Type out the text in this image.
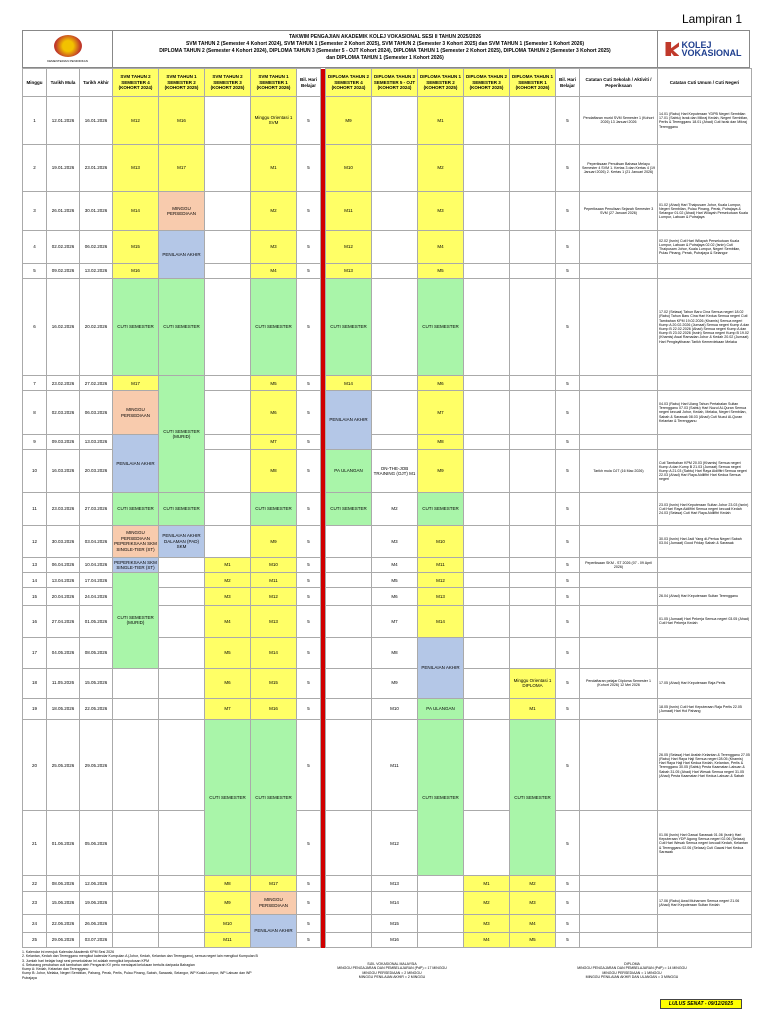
Lampiran 1
KEMENTERIAN PENDIDIKAN
TAKWIM PENGAJIAN AKADEMIK KOLEJ VOKASIONAL SESI II TAHUN 2025/2026
SVM TAHUN 2 (Semester 4 Kohort 2024), SVM TAHUN 1 (Semester 2 Kohort 2025), SVM TAHUN 2 (Semester 3 Kohort 2025) dan SVM TAHUN 1 (Semester 1 Kohort 2026)
DIPLOMA TAHUN 2 (Semester 4 Kohort 2024), DIPLOMA TAHUN 3 (Semester 5 - OJT Kohort 2024), DIPLOMA TAHUN 1 (Semester 2 Kohort 2025), DIPLOMA TAHUN 2 (Semester 3 Kohort 2025)
dan DIPLOMA TAHUN 1 (Semester 1 Kohort 2026)
KOLEJ
VOKASIONAL
Minggu	Tarikh Mula	Tarikh Akhir	SVM TAHUN 2 SEMESTER 4 (KOHORT 2024)	SVM TAHUN 1 SEMESTER 2 (KOHORT 2025)	SVM TAHUN 2 SEMESTER 3 (KOHORT 2025)	SVM TAHUN 1 SEMESTER 1 (KOHORT 2026)	Bil. Hari Belajar		DIPLOMA TAHUN 2 SEMESTER 4 (KOHORT 2024)	DIPLOMA TAHUN 3 SEMESTER 5 - OJT (KOHORT 2024)	DIPLOMA TAHUN 1 SEMESTER 2 (KOHORT 2025)	DIPLOMA TAHUN 2 SEMESTER 3 (KOHORT 2025)	DIPLOMA TAHUN 1 SEMESTER 1 (KOHORT 2026)	Bil. Hari Belajar	Catatan Cuti Sekolah / Aktiviti / Peperiksaan	Catatan Cuti Umum / Cuti Negeri
1	12.01.2026	16.01.2026	M12	M16		Minggu Orientasi 1 SVM	5		M9		M1			5	Pendaftaran murid SVM Semester 1 (Kohort 2026) 13 Januari 2026	14.01 (Rabu) Hari Keputeraan YDPB Negeri Sembilan 17.01 (Sabtu) Israk dan Mikraj Kedah, Negeri Sembilan, Perlis & Terengganu 18.01 (Ahad) Cuti Israk dan Mikraj Terengganu
2	19.01.2026	23.01.2026	M13	M17		M1	5		M10		M2			5	Peperiksaan Penulisan Bahasa Melayu Semester 4 SVM 1. Kertas 3 dan Kertas 4 (19 Januari 2026) 2. Kertas 1 (21 Januari 2026)	
3	26.01.2026	30.01.2026	M14	MINGGU PERSEDIAAN		M2	5		M11		M3			5	Peperiksaan Penulisan Sejarah Semester 3 SVM (27 Januari 2026)	01.02 (Ahad) Hari Thaipusam Johor, Kuala Lumpur, Negeri Sembilan, Pulau Pinang, Perak, Putrajaya & Selangor 01.02 (Ahad) Hari Wilayah Persekutuan Kuala Lumpur, Labuan & Putrajaya
4	02.02.2026	06.02.2026	M15	PENILAIAN AKHIR		M3	5		M12		M4			5		02.02 (Isnin) Cuti Hari Wilayah Persekutuan Kuala Lumpur, Labuan & Putrajaya 02.02 (Isnin) Cuti Thaipusam Johor, Kuala Lumpur, Negeri Sembilan, Pulau Pinang, Perak, Putrajaya & Selangor
5	09.02.2026	13.02.2026	M16			M4	5		M13		M5			5		
6	16.02.2026	20.02.2026	CUTI SEMESTER	CUTI SEMESTER		CUTI SEMESTER	5		CUTI SEMESTER		CUTI SEMESTER			5		17.02 (Selasa) Tahun Baru Cina Semua negeri 18.02 (Rabu) Tahun Baru Cina Hari Kedua Semua negeri Cuti Tambahan KPM 19.02.2026 (Khamis) Semua negeri Kump A 20.02.2026 (Jumaat) Semua negeri Kump A dan Kump B 22.02.2026 (Ahad) Semua negeri Kump A dan Kump B 23.02.2026 (Isnin) Semua negeri Kump B 19.02 (Khamis) Awal Ramadan Johor & Kedah 20.02 (Jumaat) Hari Pengisytiharan Tarikh Kemerdekaan Melaka
7	23.02.2026	27.02.2026	M17	CUTI SEMESTER (MURID)		M5	5		M14		M6			5		
8	02.03.2026	06.03.2026	MINGGU PERSEDIAAN			M6	5		PENILAIAN AKHIR		M7			5		04.03 (Rabu) Hari Ulang Tahun Pertabalan Sultan Terengganu 07.03 (Sabtu) Hari Nuzul Al-Quran Semua negeri kecuali Johor, Kedah, Melaka, Negeri Sembilan, Sabah & Sarawak 08.03 (Ahad) Cuti Nuzul Al-Quran Kelantan & Terengganu
9	09.03.2026	13.03.2026	PENILAIAN AKHIR			M7	5				M8			5		
10	16.03.2026	20.03.2026				M8	5		PA ULANGAN	ON-THE-JOB TRAINING (OJT) M1	M9			5	Tarikh mula OJT (16 Mac 2026)	Cuti Tambahan KPM 20.03 (Khamis) Semua negeri Kump A dan Kump B 21.03 (Jumaat) Semua negeri Kump A 21.03 (Sabtu) Hari Raya Aidilfitri Semua negeri 22.03 (Ahad) Hari Raya Aidilfitri Hari Kedua Semua negeri
11	23.03.2026	27.03.2026	CUTI SEMESTER	CUTI SEMESTER		CUTI SEMESTER	5		CUTI SEMESTER	M2	CUTI SEMESTER			5		23.03 (Isnin) Hari Keputeraan Sultan Johor 23.03 (Isnin) Cuti Hari Raya Aidilfitri Semua negeri kecuali Kedah 24.03 (Selasa) Cuti Hari Raya Aidilfitri Kedah
12	30.03.2026	03.04.2026	MINGGU PERSEDIAAN PEPERIKSAAN SKM SINGLE-TIER (ST)	PENILAIAN AKHIR DALAMAN (PAD) SKM		M9	5			M3	M10			5		30.03 (Isnin) Hari Jadi Yang di-Pertua Negeri Sabah 03.04 (Jumaat) Good Friday Sabah & Sarawak
13	06.04.2026	10.04.2026	PEPERIKSAAN SKM SINGLE-TIER (ST)		M1	M10	5			M4	M11			5	Peperiksaan SKM - ST 2026 (07 - 09 April 2026)	
14	13.04.2026	17.04.2026	CUTI SEMESTER (MURID)		M2	M11	5			M5	M12			5		
15	20.04.2026	24.04.2026			M3	M12	5			M6	M13			5		26.04 (Ahad) Hari Keputeraan Sultan Terengganu
16	27.04.2026	01.05.2026			M4	M13	5			M7	M14			5		01.05 (Jumaat) Hari Pekerja Semua negeri 03.05 (Ahad) Cuti Hari Pekerja Kedah
17	04.05.2026	08.05.2026			M5	M14	5			M8	PENILAIAN AKHIR			5		
18	11.05.2026	15.05.2026			M6	M15	5			M9			Minggu Orientasi 1 DIPLOMA	5	Pendaftaran pelajar Diploma Semester 1 (Kohort 2026) 12 Mei 2026	17.05 (Ahad) Hari Keputeraan Raja Perlis
19	18.05.2026	22.05.2026			M7	M16	5			M10	PA ULANGAN		M1	5		18.05 (Isnin) Cuti Hari Keputeraan Raja Perlis 22.05 (Jumaat) Hari Hol Pahang
20	25.05.2026	29.05.2026			CUTI SEMESTER	CUTI SEMESTER	5			M11	CUTI SEMESTER		CUTI SEMESTER	5		26.05 (Selasa) Hari Arafah Kelantan & Terengganu 27.05 (Rabu) Hari Raya Haji Semua negeri 28.05 (Khamis) Hari Raya Haji Hari Kedua Kedah, Kelantan, Perlis & Terengganu 30.05 (Sabtu) Pesta Kaamatan Labuan & Sabah 31.05 (Ahad) Hari Wesak Semua negeri 31.05 (Ahad) Pesta Kaamatan Hari Kedua Labuan & Sabah
21	01.06.2026	05.06.2026					5			M12				5		01.06 (Isnin) Hari Gawai Sarawak 01.06 (Isnin) Hari Keputeraan YDP Agong Semua negeri 02.06 (Selasa) Cuti Hari Wesak Semua negeri kecuali Kedah, Kelantan & Terengganu 02.06 (Selasa) Cuti Gawai Hari Kedua Sarawak
22	08.06.2026	12.06.2026			M8	M17	5			M13		M1	M2	5		
23	15.06.2026	19.06.2026			M9	MINGGU PERSEDIAAN	5			M14		M2	M3	5		17.06 (Rabu) Awal Muharram Semua negeri 21.06 (Ahad) Hari Keputeraan Sultan Kedah
24	22.06.2026	26.06.2026			M10	PENILAIAN AKHIR	5			M15		M3	M4	5		
25	29.06.2026	03.07.2026			M11		5			M16		M4	M5	5		
1. Kalendar ini merujuk Kalendar Akademik KPM Sesi 2026
2. Kelantan, Kedah dan Terengganu mengikut kalendar Kumpulan A (Johor, Kedah, Kelantan dan Terengganu), semua negeri lain mengikut Kumpulan B
3. Jumlah hari belajar bagi sesi persekolahan ini adalah mengikut keputusan KPM
4. Sebarang perubahan cuti tambahan oleh Pengarah KV perlu mendapat kelulusan bertulis daripada Bahagian
Kump A: Kedah, Kelantan dan Terengganu
Kump B: Johor, Melaka, Negeri Sembilan, Pahang, Perak, Perlis, Pulau Pinang, Sabah, Sarawak, Selangor, WP Kuala Lumpur, WP Labuan dan WP Putrajaya
SIJIL VOKASIONAL MALAYSIA
MINGGU PENGAJARAN DAN PEMBELAJARAN (PdP) = 17 MINGGU
MINGGU PERSEDIAAN = 2 MINGGU
MINGGU PENILAIAN AKHIR = 2 MINGGU
DIPLOMA
MINGGU PENGAJARAN DAN PEMBELAJARAN (PdP) = 14 MINGGU
MINGGU PERSEDIAAN = 1 MINGGU
MINGGU PENILAIAN AKHIR DAN ULANGAN = 3 MINGGU
LULUS SENAT - 09/12/2025
